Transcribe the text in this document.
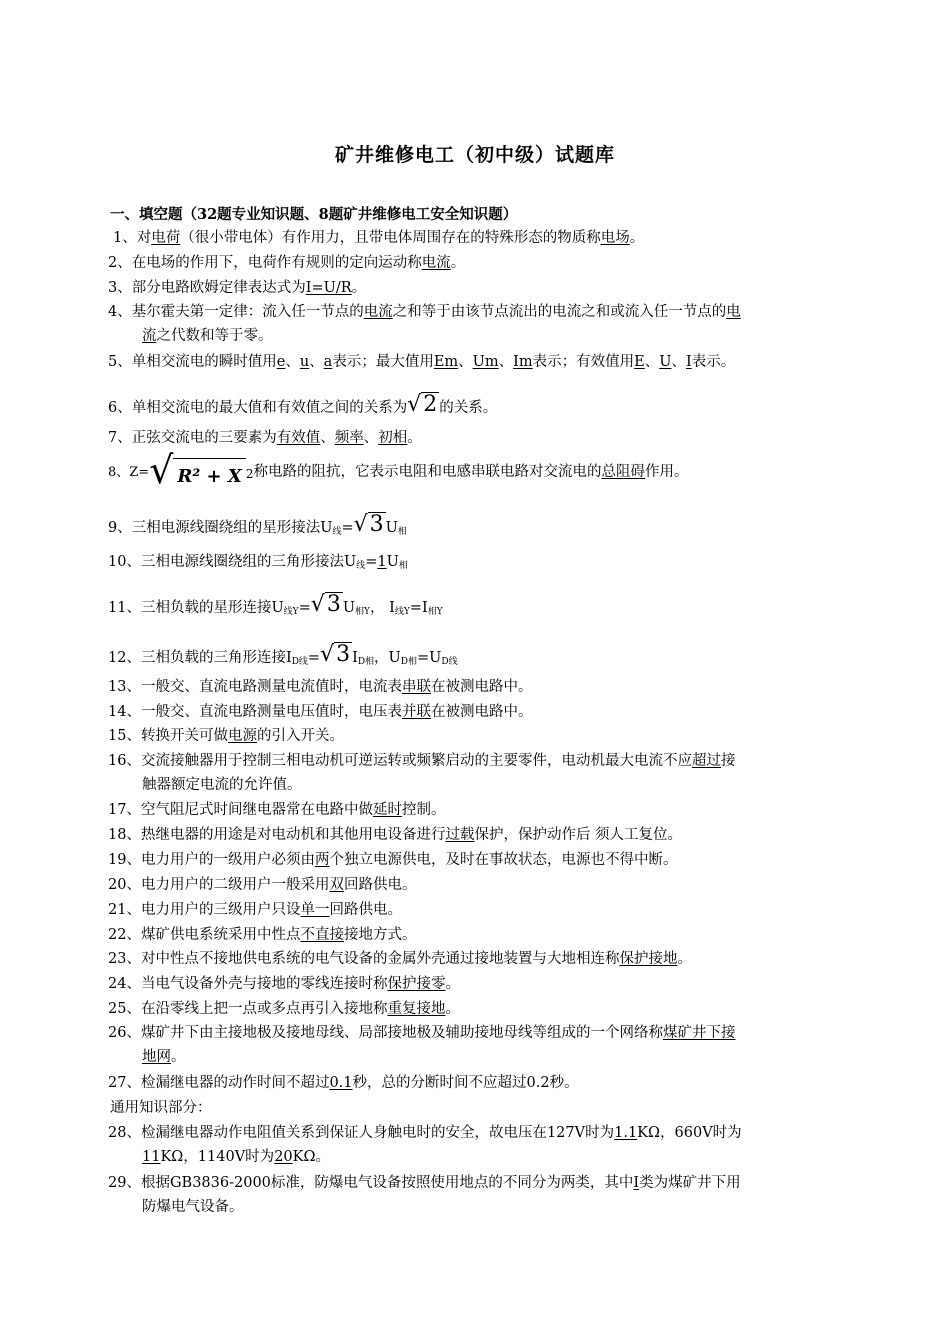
矿井维修电工（初中级）试题库
一、填空题（32题专业知识题、8题矿井维修电工安全知识题）
1、对电荷（很小带电体）有作用力，且带电体周围存在的特殊形态的物质称电场。
2、在电场的作用下，电荷作有规则的定向运动称电流。
3、部分电路欧姆定律表达式为I=U/R。
4、基尔霍夫第一定律：流入任一节点的电流之和等于由该节点流出的电流之和或流入任一节点的电
流之代数和等于零。
5、单相交流电的瞬时值用e、u、a表示；最大值用Em、Um、Im表示；有效值用E、U、I表示。
6、单相交流电的最大值和有效值之间的关系为√2 的关系。
7、正弦交流电的三要素为有效值、频率、初相。
8、Z=√ R² + X 2称电路的阻抗，它表示电阻和电感串联电路对交流电的总阻碍作用。
9、三相电源线圈绕组的星形接法$U_线=√3$ $U_相$
10、三相电源线圈绕组的三角形接法$U_线=1U_相$
11、三相负载的星形连接$U_{线Y}=√3$ $U_{相Y}$， $I_{线Y}=I_{相Y}$
12、三相负载的三角形连接$I_{D线}=√3$ $I_{D相}$，$U_{D相}=U_{D线}$
13、一般交、直流电路测量电流值时，电流表串联在被测电路中。
14、一般交、直流电路测量电压值时，电压表并联在被测电路中。
15、转换开关可做电源的引入开关。
16、交流接触器用于控制三相电动机可逆运转或频繁启动的主要零件，电动机最大电流不应超过接
触器额定电流的允许值。
17、空气阻尼式时间继电器常在电路中做延时控制。
18、热继电器的用途是对电动机和其他用电设备进行过载保护，保护动作后 须人工复位。
19、电力用户的一级用户必须由两个独立电源供电，及时在事故状态，电源也不得中断。
20、电力用户的二级用户一般采用双回路供电。
21、电力用户的三级用户只设单一回路供电。
22、煤矿供电系统采用中性点不直接接地方式。
23、对中性点不接地供电系统的电气设备的金属外壳通过接地装置与大地相连称保护接地。
24、当电气设备外壳与接地的零线连接时称保护接零。
25、在沿零线上把一点或多点再引入接地称重复接地。
26、煤矿井下由主接地极及接地母线、局部接地极及辅助接地母线等组成的一个网络称煤矿井下接
地网。
27、检漏继电器的动作时间不超过0.1秒，总的分断时间不应超过0.2秒。
通用知识部分：
28、检漏继电器动作电阻值关系到保证人身触电时的安全，故电压在127V时为1.1KΩ，660V时为
11KΩ，1140V时为20KΩ。
29、根据GB3836-2000标准，防爆电气设备按照使用地点的不同分为两类，其中I类为煤矿井下用
防爆电气设备。
